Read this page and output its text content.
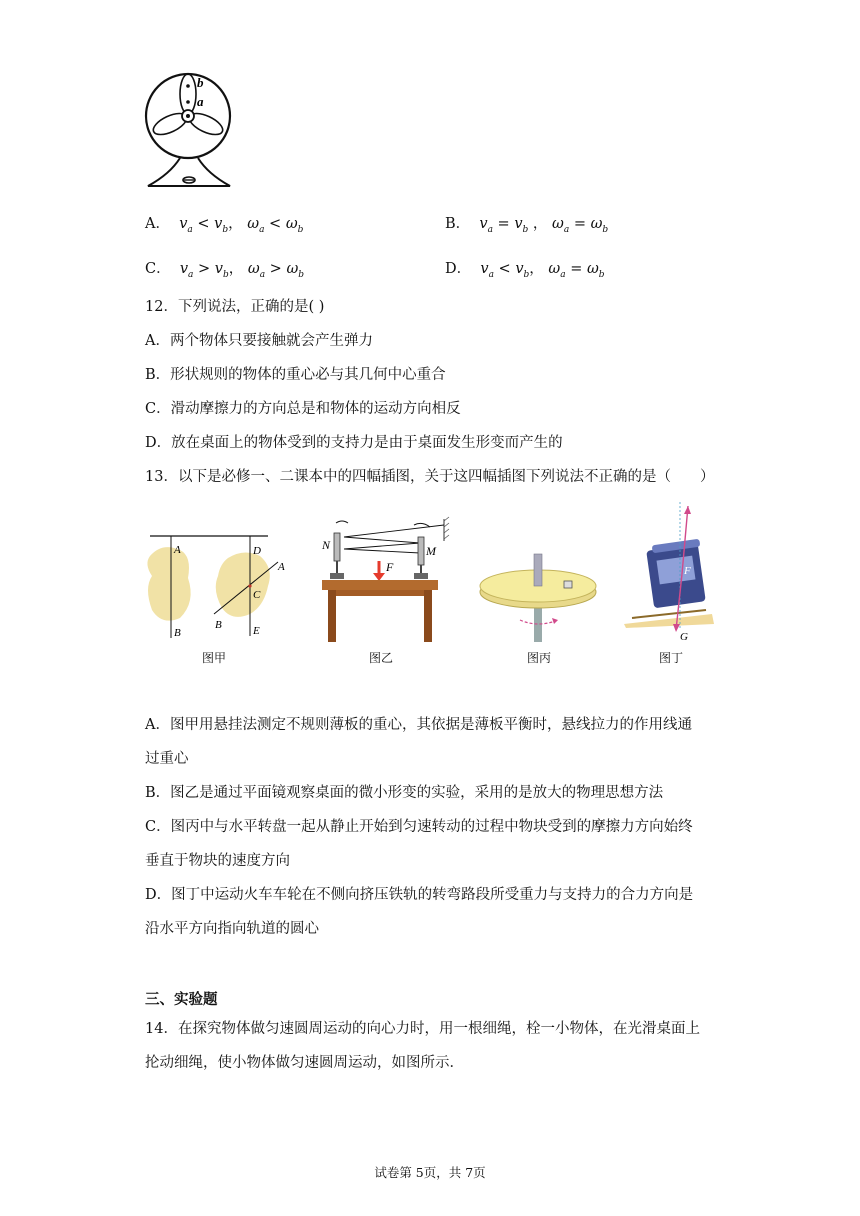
b
a
A． $v_a < v_b$， $\omega_a < \omega_b$	B． $v_a = v_b$ ， $\omega_a = \omega_b$
C． $v_a > v_b$， $\omega_a > \omega_b$	D． $v_a < v_b$， $\omega_a = \omega_b$
12．下列说法，正确的是( )
A．两个物体只要接触就会产生弹力
B．形状规则的物体的重心必与其几何中心重合
C．滑动摩擦力的方向总是和物体的运动方向相反
D．放在桌面上的物体受到的支持力是由于桌面发生形变而产生的
13．以下是必修一、二课本中的四幅插图，关于这四幅插图下列说法不正确的是（　　）
A
B
D
A
C
B	E
N	M
F	F
G
图甲	图乙	图丙	图丁
A．图甲用悬挂法测定不规则薄板的重心，其依据是薄板平衡时，悬线拉力的作用线通
过重心
B．图乙是通过平面镜观察桌面的微小形变的实验，采用的是放大的物理思想方法
C．图丙中与水平转盘一起从静止开始到匀速转动的过程中物块受到的摩擦力方向始终
垂直于物块的速度方向
D．图丁中运动火车车轮在不侧向挤压铁轨的转弯路段所受重力与支持力的合力方向是
沿水平方向指向轨道的圆心
三、实验题
14．在探究物体做匀速圆周运动的向心力时，用一根细绳，栓一小物体，在光滑桌面上
抡动细绳，使小物体做匀速圆周运动，如图所示．
试卷第 5页，共 7页
